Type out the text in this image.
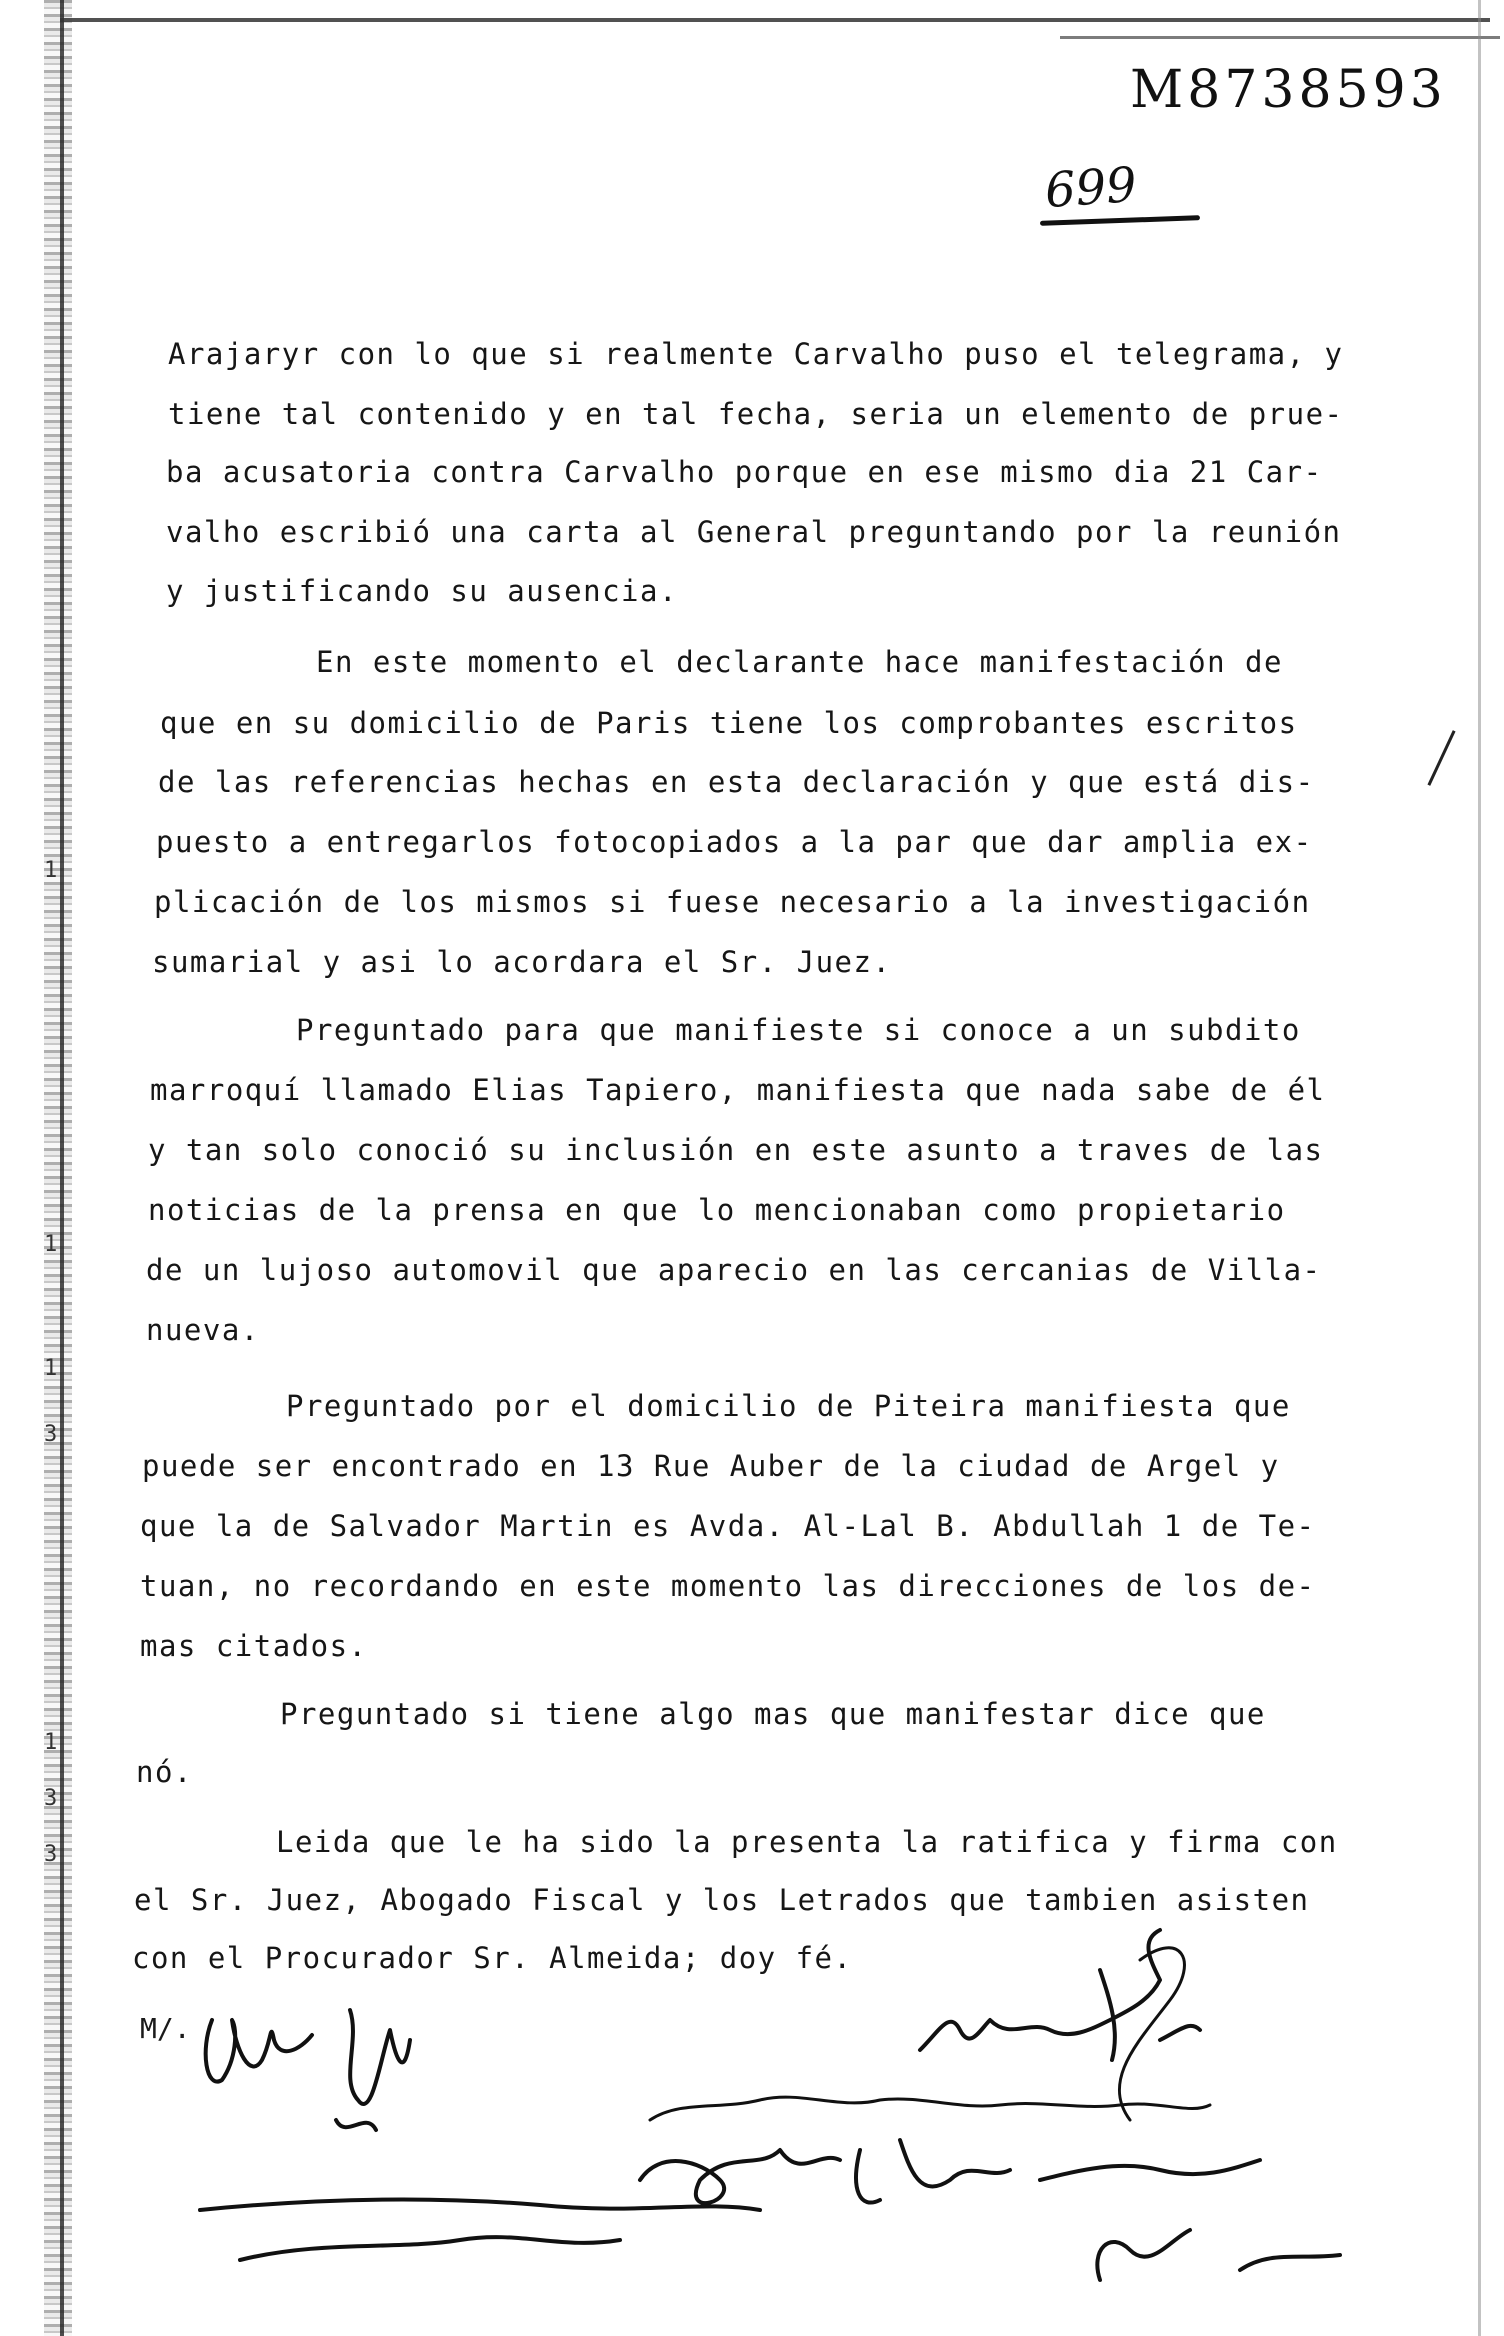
M8738593
699
Arajaryr con lo que si realmente Carvalho puso el telegrama, y
tiene tal contenido y en tal fecha, seria un elemento de prue-
ba acusatoria contra Carvalho porque en ese mismo dia 21 Car-
valho escribió una carta al General preguntando por la reunión
y justificando su ausencia.
En este momento el declarante hace manifestación de
que en su domicilio de Paris tiene los comprobantes escritos
de las referencias hechas en esta declaración y que está dis-
puesto a entregarlos fotocopiados a la par que dar amplia ex-
plicación de los mismos si fuese necesario a la investigación
sumarial y asi lo acordara el Sr. Juez.
Preguntado para que manifieste si conoce a un subdito
marroquí llamado Elias Tapiero, manifiesta que nada sabe de él
y tan solo conoció su inclusión en este asunto a traves de las
noticias de la prensa en que lo mencionaban como propietario
de un lujoso automovil que aparecio en las cercanias de Villa-
nueva.
Preguntado por el domicilio de Piteira manifiesta que
puede ser encontrado en 13 Rue Auber de la ciudad de Argel y
que la de Salvador Martin es Avda. Al-Lal B. Abdullah 1 de Te-
tuan, no recordando en este momento las direcciones de los de-
mas citados.
Preguntado si tiene algo mas que manifestar dice que
nó.
Leida que le ha sido la presenta la ratifica y firma con
el Sr. Juez, Abogado Fiscal y los Letrados que tambien asisten
con el Procurador Sr. Almeida; doy fé.
1
1
1
3
1
3
3
M/.
